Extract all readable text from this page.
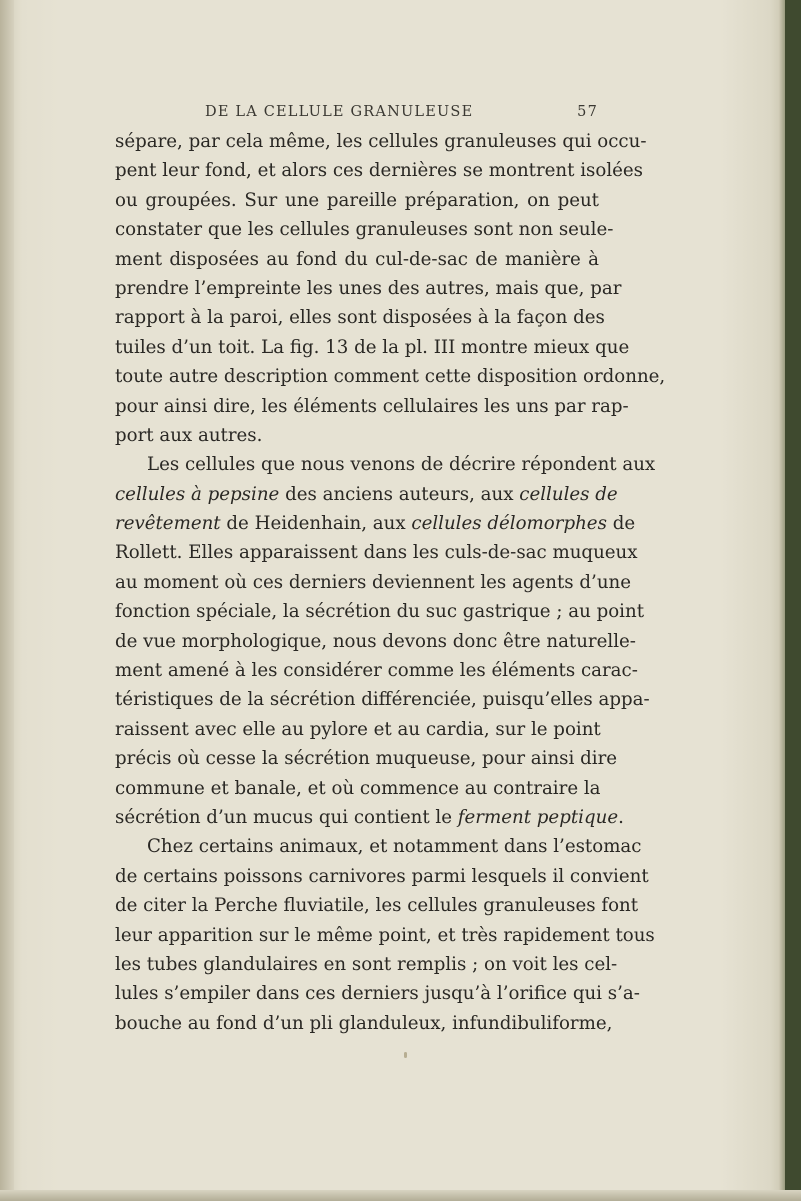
DE LA CELLULE GRANULEUSE	57
sépare, par cela même, les cellules granuleuses qui occu-
pent leur fond, et alors ces dernières se montrent isolées
ou groupées. Sur une pareille préparation, on peut
constater que les cellules granuleuses sont non seule-
ment disposées au fond du cul-de-sac de manière à
prendre l’empreinte les unes des autres, mais que, par
rapport à la paroi, elles sont disposées à la façon des
tuiles d’un toit. La fig. 13 de la pl. III montre mieux que
toute autre description comment cette disposition ordonne,
pour ainsi dire, les éléments cellulaires les uns par rap-
port aux autres.
Les cellules que nous venons de décrire répondent aux
cellules à pepsine des anciens auteurs, aux cellules de
revêtement de Heidenhain, aux cellules délomorphes de
Rollett. Elles apparaissent dans les culs-de-sac muqueux
au moment où ces derniers deviennent les agents d’une
fonction spéciale, la sécrétion du suc gastrique ; au point
de vue morphologique, nous devons donc être naturelle-
ment amené à les considérer comme les éléments carac-
téristiques de la sécrétion différenciée, puisqu’elles appa-
raissent avec elle au pylore et au cardia, sur le point
précis où cesse la sécrétion muqueuse, pour ainsi dire
commune et banale, et où commence au contraire la
sécrétion d’un mucus qui contient le ferment peptique.
Chez certains animaux, et notamment dans l’estomac
de certains poissons carnivores parmi lesquels il convient
de citer la Perche fluviatile, les cellules granuleuses font
leur apparition sur le même point, et très rapidement tous
les tubes glandulaires en sont remplis ; on voit les cel-
lules s’empiler dans ces derniers jusqu’à l’orifice qui s’a-
bouche au fond d’un pli glanduleux, infundibuliforme,
